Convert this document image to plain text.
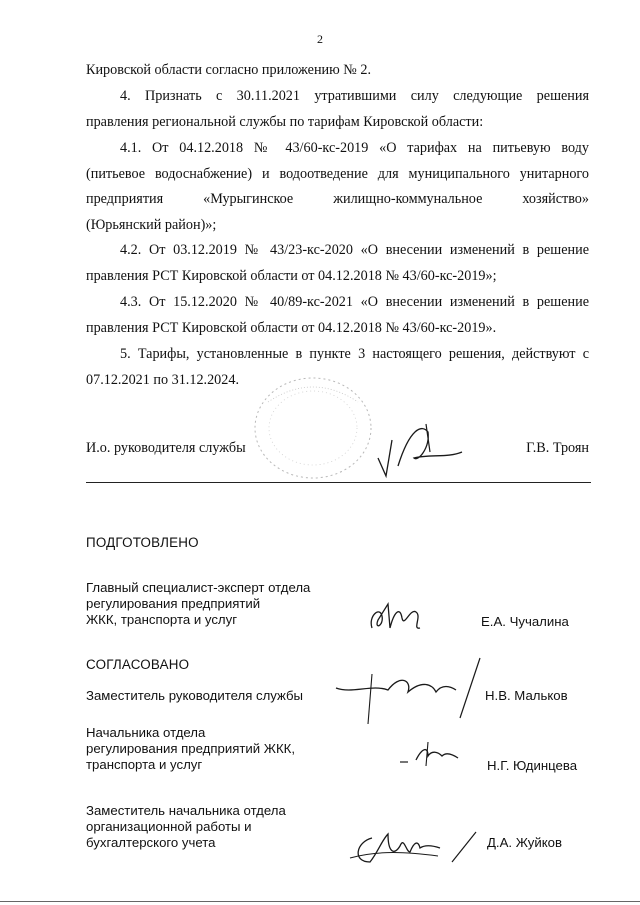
2
Кировской области согласно приложению № 2.
4. Признать с 30.11.2021 утратившими силу следующие решения
правления региональной службы по тарифам Кировской области:
4.1. От 04.12.2018 № 43/60-кс-2019 «О тарифах на питьевую воду
(питьевое водоснабжение) и водоотведение для муниципального унитарного
предприятия «Мурыгинское жилищно-коммунальное хозяйство»
(Юрьянский район)»;
4.2. От 03.12.2019 № 43/23-кс-2020 «О внесении изменений в решение
правления РСТ Кировской области от 04.12.2018 № 43/60-кс-2019»;
4.3. От 15.12.2020 № 40/89-кс-2021 «О внесении изменений в решение
правления РСТ Кировской области от 04.12.2018 № 43/60-кс-2019».
5. Тарифы, установленные в пункте 3 настоящего решения, действуют с
07.12.2021 по 31.12.2024.
И.о. руководителя службы	Г.В. Троян
ПОДГОТОВЛЕНО
Главный специалист-эксперт отдела
регулирования предприятий
ЖКК, транспорта и услуг	Е.А. Чучалина
СОГЛАСОВАНО
Заместитель руководителя службы	Н.В. Мальков
Начальника отдела
регулирования предприятий ЖКК,
транспорта и услуг	Н.Г. Юдинцева
Заместитель начальника отдела
организационной работы и
бухгалтерского учета	Д.А. Жуйков
